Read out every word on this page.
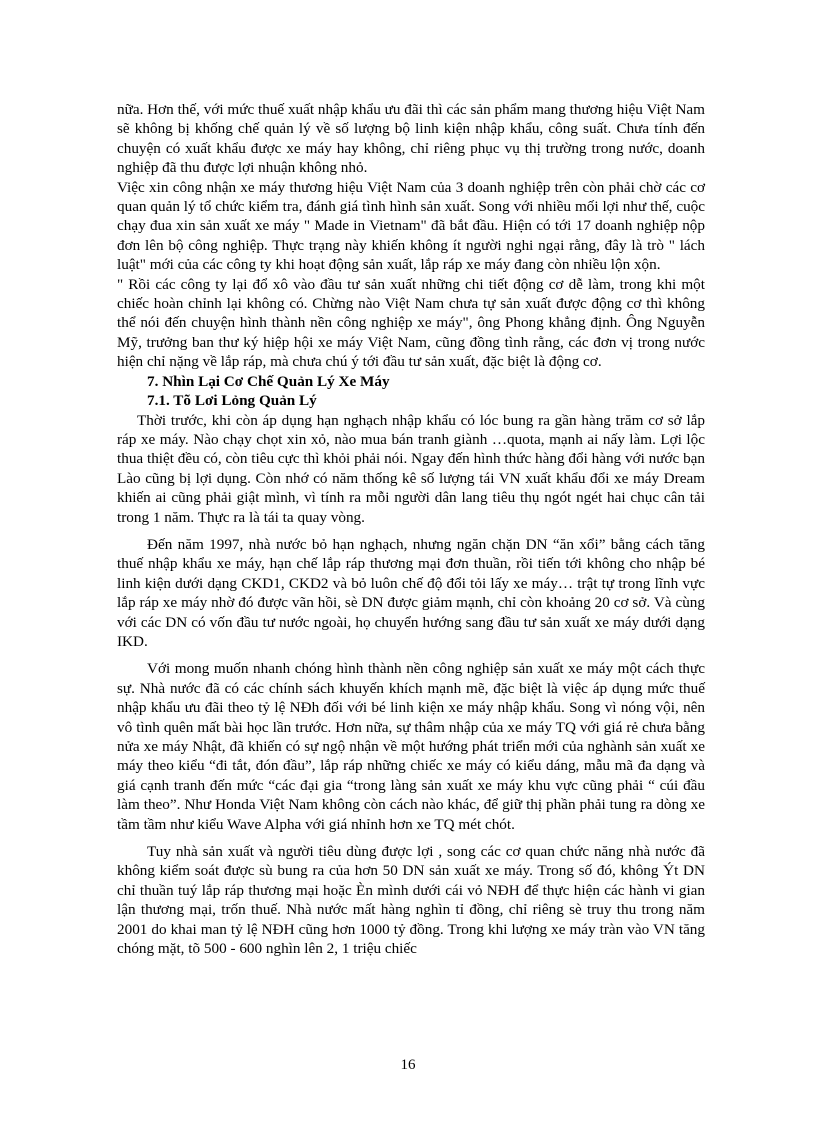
nữa. Hơn thế, với mức thuế xuất nhập khẩu ưu đãi thì các sản phẩm mang thương hiệu Việt Nam sẽ không bị khống chế quản lý về số lượng bộ linh kiện nhập khẩu, công suất. Chưa tính đến chuyện có xuất khẩu được xe máy hay không, chỉ riêng phục vụ thị trường trong nước, doanh nghiệp đã thu được lợi nhuận không nhỏ.

Việc xin công nhận xe máy thương hiệu Việt Nam của 3 doanh nghiệp trên còn phải chờ các cơ quan quản lý tổ chức kiểm tra, đánh giá tình hình sản xuất. Song với nhiều mối lợi như thế, cuộc chạy đua xin sản xuất xe máy " Made in Vietnam" đã bắt đầu. Hiện có tới 17 doanh nghiệp nộp đơn lên bộ công nghiệp. Thực trạng này khiến không ít người nghi ngại rằng, đây là trò " lách luật" mới của các công ty khi hoạt động sản xuất, lắp ráp xe máy đang còn nhiều lộn xộn.

" Rồi các công ty lại đổ xô vào đầu tư sản xuất những chi tiết động cơ dễ làm, trong khi một chiếc hoàn chỉnh lại không có. Chừng nào Việt Nam chưa tự sản xuất được động cơ thì không thể nói đến chuyện hình thành nền công nghiệp xe máy", ông Phong khẳng định. Ông Nguyễn Mỹ, trưởng ban thư ký hiệp hội xe máy Việt Nam, cũng đồng tình rằng, các đơn vị trong nước hiện chỉ nặng về lắp ráp, mà chưa chú ý tới đầu tư sản xuất, đặc biệt là động cơ.

7. Nhìn Lại Cơ Chế Quản Lý Xe Máy

7.1. Tõ Lơi Lỏng Quản Lý

Thời trước, khi còn áp dụng hạn nghạch nhập khẩu có lóc bung ra gần hàng trăm cơ sở lắp ráp xe máy. Nào chạy chọt xin xỏ, nào mua bán tranh giành …quota, mạnh ai nấy làm. Lợi lộc thua thiệt đều có, còn tiêu cực thì khỏi phải nói. Ngay đến hình thức hàng đổi hàng với nước bạn Lào cũng bị lợi dụng. Còn nhớ có năm thống kê số lượng tái VN xuất khẩu đổi xe máy Dream khiến ai cũng phải giật mình, vì tính ra mỗi người dân lang tiêu thụ ngót ngét hai chục cân tải trong 1 năm. Thực ra là tái ta quay vòng.

Đến năm 1997, nhà nước bỏ hạn nghạch, nhưng ngăn chặn DN “ăn xổi” bằng cách tăng thuế nhập khẩu xe máy, hạn chế lắp ráp thương mại đơn thuần, rồi tiến tới không cho nhập bé linh kiện dưới dạng CKD1, CKD2 và bỏ luôn chế độ đổi tỏi lấy xe máy… trật tự trong lĩnh vực lắp ráp xe máy nhờ đó được vãn hồi, sè DN được giảm mạnh, chỉ còn khoảng 20 cơ sở. Và cùng với các DN có vốn đầu tư nước ngoài, họ chuyển hướng sang đầu tư sản xuất xe máy dưới dạng IKD.

Với mong muốn nhanh chóng hình thành nền công nghiệp sản xuất xe máy một cách thực sự. Nhà nước đã có các chính sách khuyến khích mạnh mẽ, đặc biệt là việc áp dụng mức thuế nhập khẩu ưu đãi theo tỷ lệ NĐh đối với bé linh kiện xe máy nhập khẩu. Song vì nóng vội, nên vô tình quên mất bài học lần trước. Hơn nữa, sự thâm nhập của xe máy TQ với giá rẻ chưa bằng nửa xe máy Nhật, đã khiến có sự ngộ nhận về một hướng phát triển mới của nghành sản xuất xe máy theo kiểu “đi tắt, đón đầu”, lắp ráp những chiếc xe máy có kiểu dáng, mẫu mã đa dạng và giá cạnh tranh đến mức “các đại gia “trong làng sản xuất xe máy khu vực cũng phải “ cúi đầu làm theo”. Như Honda Việt Nam không còn cách nào khác, để giữ thị phần phải tung ra dòng xe tầm tầm như kiểu Wave Alpha với giá nhỉnh hơn xe TQ mét chót.

Tuy nhà sản xuất và người tiêu dùng được lợi , song các cơ quan chức năng nhà nước đã không kiểm soát được sù bung ra của hơn 50 DN sản xuất xe máy. Trong số đó, không Ýt DN chỉ thuần tuý lắp ráp thương mại hoặc Èn mình dưới cái vỏ NĐH để thực hiện các hành vi gian lận thương mại, trốn thuế. Nhà nước mất hàng nghìn tỉ đồng, chỉ riêng sè truy thu trong năm 2001 do khai man tỷ lệ NĐH cũng hơn 1000 tỷ đồng. Trong khi lượng xe máy tràn vào VN tăng chóng mặt, tõ 500 - 600 nghìn lên 2, 1 triệu chiếc

16
